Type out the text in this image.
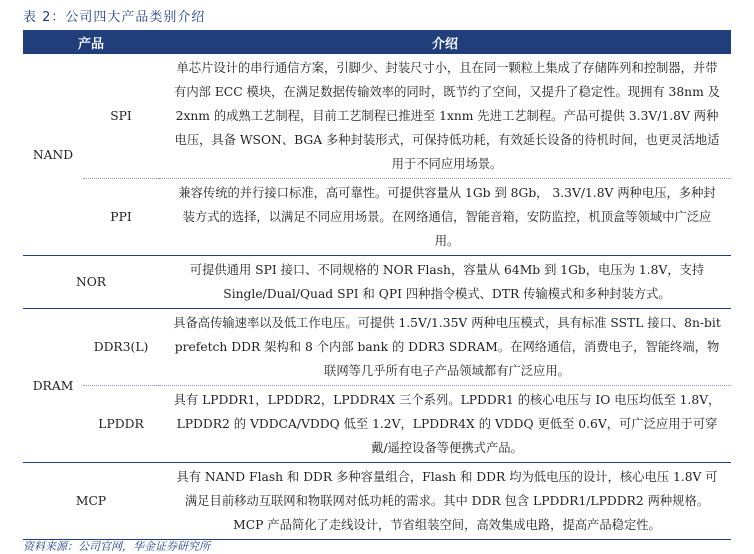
表 2：公司四大产品类别介绍
产品		介绍
NAND	SPI	单芯片设计的串行通信方案，引脚少、封装尺寸小，且在同一颗粒上集成了存储阵列和控制器，并带有内部 ECC 模块，在满足数据传输效率的同时，既节约了空间，又提升了稳定性。现拥有 38nm 及 2xnm 的成熟工艺制程，目前工艺制程已推进至 1xnm 先进工艺制程。产品可提供 3.3V/1.8V 两种电压，具备 WSON、BGA 多种封装形式，可保持低功耗，有效延长设备的待机时间，也更灵活地适用于不同应用场景。
	PPI	兼容传统的并行接口标准，高可靠性。可提供容量从 1Gb 到 8Gb， 3.3V/1.8V 两种电压，多种封装方式的选择，以满足不同应用场景。在网络通信，智能音箱，安防监控，机顶盒等领域中广泛应用。
NOR		可提供通用 SPI 接口、不同规格的 NOR Flash，容量从 64Mb 到 1Gb，电压为 1.8V，支持 Single/Dual/Quad SPI 和 QPI 四种指令模式、DTR 传输模式和多种封装方式。
DRAM	DDR3(L)	具备高传输速率以及低工作电压。可提供 1.5V/1.35V 两种电压模式，具有标准 SSTL 接口、8n-bit prefetch DDR 架构和 8 个内部 bank 的 DDR3 SDRAM。在网络通信，消费电子，智能终端，物联网等几乎所有电子产品领域都有广泛应用。
	LPDDR	具有 LPDDR1，LPDDR2，LPDDR4X 三个系列。LPDDR1 的核心电压与 IO 电压均低至 1.8V，LPDDR2 的 VDDCA/VDDQ 低至 1.2V，LPDDR4X 的 VDDQ 更低至 0.6V，可广泛应用于可穿戴/遥控设备等便携式产品。
MCP		具有 NAND Flash 和 DDR 多种容量组合，Flash 和 DDR 均为低电压的设计，核心电压 1.8V 可满足目前移动互联网和物联网对低功耗的需求。其中 DDR 包含 LPDDR1/LPDDR2 两种规格。MCP 产品简化了走线设计，节省组装空间，高效集成电路，提高产品稳定性。
资料来源：公司官网，华金证券研究所
